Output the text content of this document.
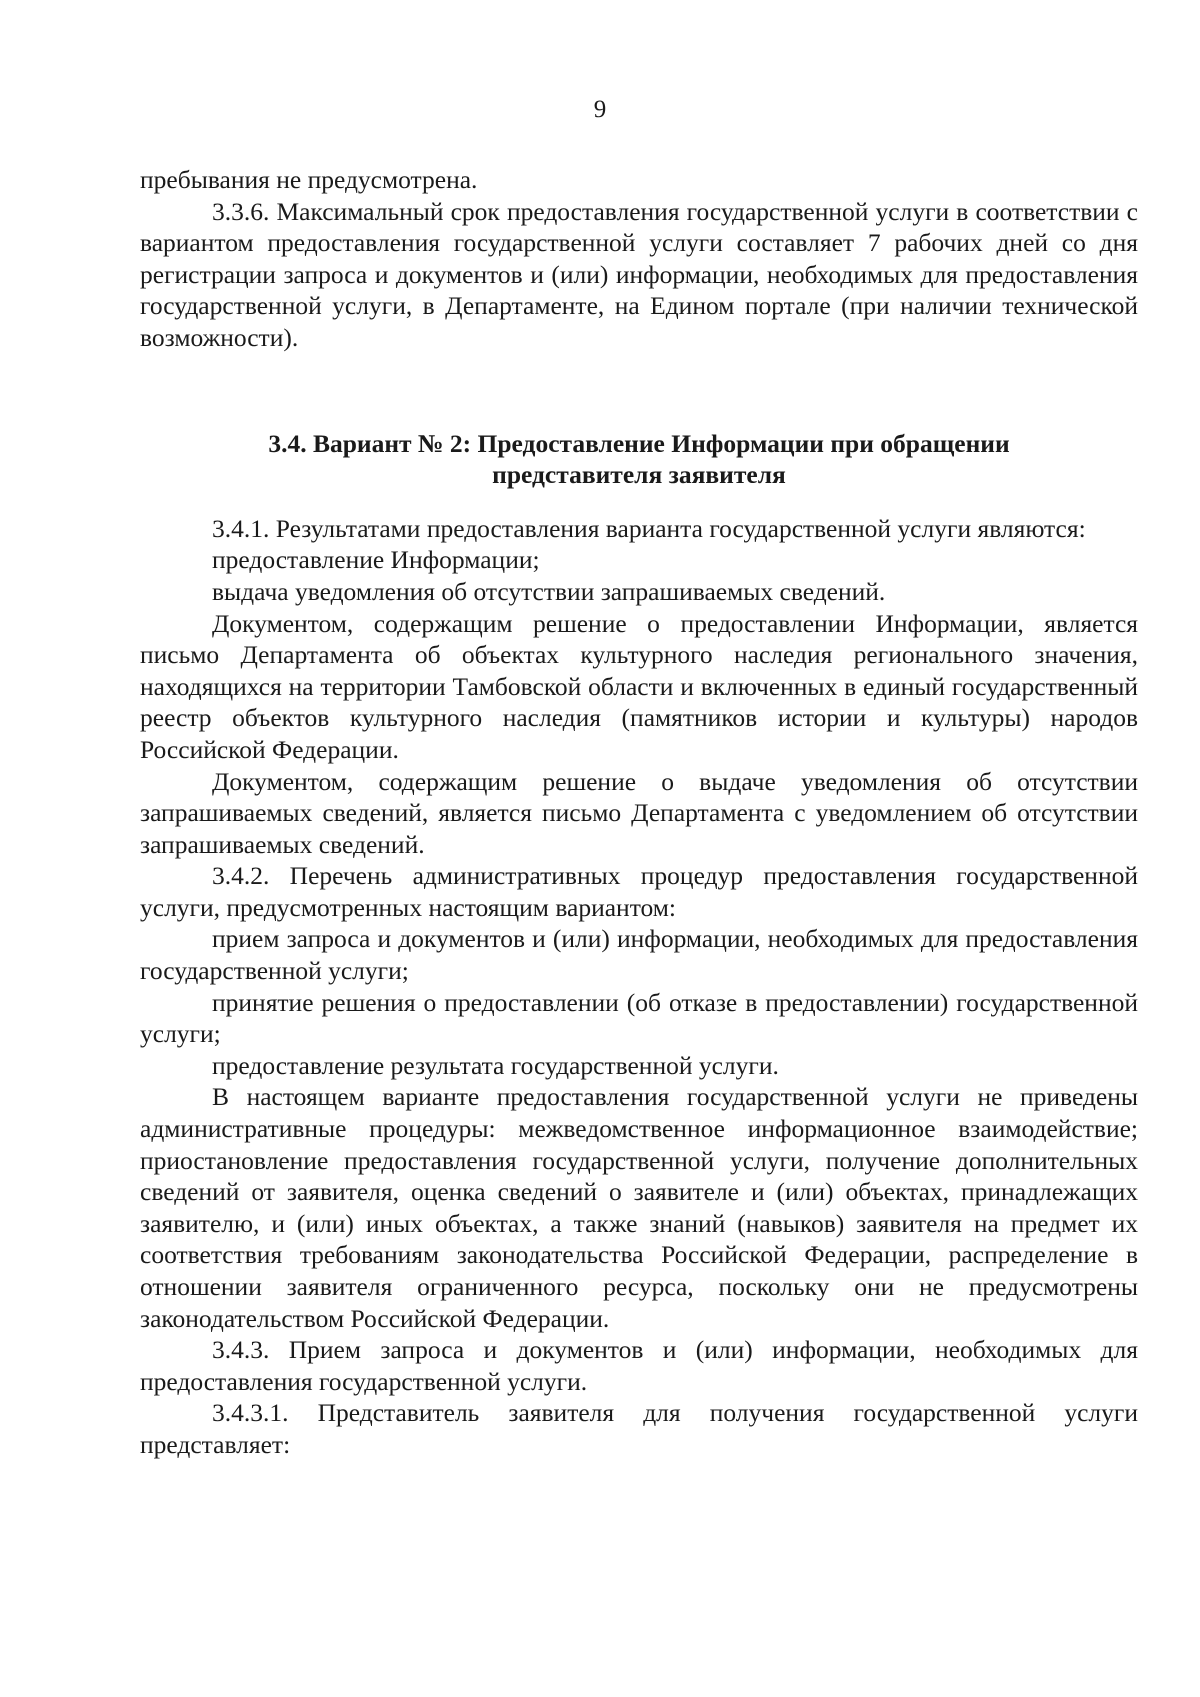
9

пребывания не предусмотрена.

3.3.6. Максимальный срок предоставления государственной услуги в соответствии с вариантом предоставления государственной услуги составляет 7 рабочих дней со дня регистрации запроса и документов и (или) информации, необходимых для предоставления государственной услуги, в Департаменте, на Едином портале (при наличии технической возможности).

3.4. Вариант № 2: Предоставление Информации при обращении
представителя заявителя

3.4.1. Результатами предоставления варианта государственной услуги являются:

предоставление Информации;

выдача уведомления об отсутствии запрашиваемых сведений.

Документом, содержащим решение о предоставлении Информации, является письмо Департамента об объектах культурного наследия регионального значения, находящихся на территории Тамбовской области и включенных в единый государственный реестр объектов культурного наследия (памятников истории и культуры) народов Российской Федерации.

Документом, содержащим решение о выдаче уведомления об отсутствии запрашиваемых сведений, является письмо Департамента с уведомлением об отсутствии запрашиваемых сведений.

3.4.2. Перечень административных процедур предоставления государственной услуги, предусмотренных настоящим вариантом:

прием запроса и документов и (или) информации, необходимых для предоставления государственной услуги;

принятие решения о предоставлении (об отказе в предоставлении) государственной услуги;

предоставление результата государственной услуги.

В настоящем варианте предоставления государственной услуги не приведены административные процедуры: межведомственное информационное взаимодействие; приостановление предоставления государственной услуги, получение дополнительных сведений от заявителя, оценка сведений о заявителе и (или) объектах, принадлежащих заявителю, и (или) иных объектах, а также знаний (навыков) заявителя на предмет их соответствия требованиям законодательства Российской Федерации, распределение в отношении заявителя ограниченного ресурса, поскольку они не предусмотрены законодательством Российской Федерации.

3.4.3. Прием запроса и документов и (или) информации, необходимых для предоставления государственной услуги.

3.4.3.1. Представитель заявителя для получения государственной услуги представляет:
